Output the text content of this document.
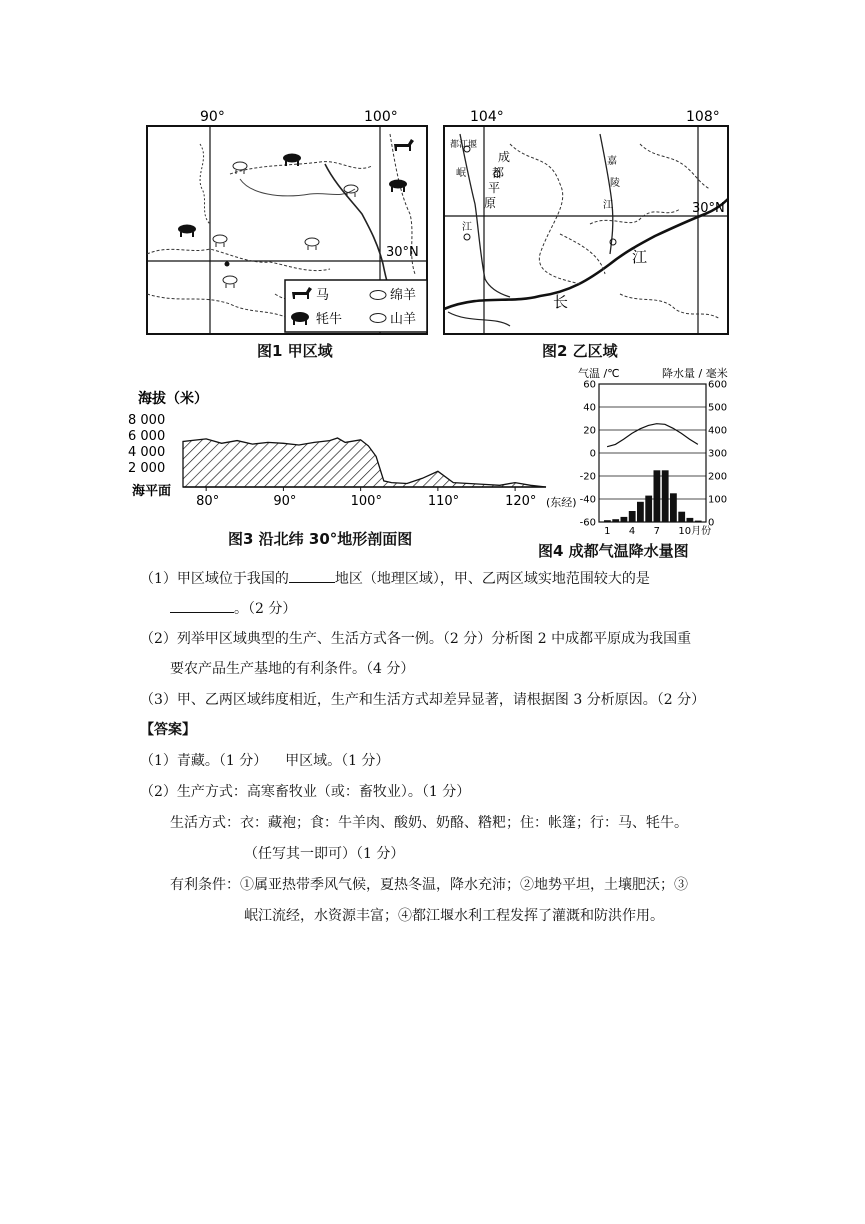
90°	100°
30°N
马
牦牛
绵羊
山羊
图1 甲区域
104°	108°
30°N
都江堰
岷
成
都
平
原
嘉
陵
江
江
江
长
图2 乙区域
海拔（米）
8 000
6 000
4 000
2 000
海平面
80°	90°	100°	110°	120° (东经)
图3 沿北纬 30°地形剖面图
气温 /℃	降水量 / 毫米
60
40
20
0
-20
-40
-60
600
500
400
300
200
100
0
1 4 7 10月份
图4 成都气温降水量图
（1）甲区域位于我国的	地区（地理区域），甲、乙两区域实地范围较大的是
。（2 分）
（2）列举甲区域典型的生产、生活方式各一例。（2 分）分析图 2 中成都平原成为我国重
要农产品生产基地的有利条件。（4 分）
（3）甲、乙两区域纬度相近，生产和生活方式却差异显著，请根据图 3 分析原因。（2 分）
【答案】
（1）青藏。（1 分）    甲区域。（1 分）
（2）生产方式：高寒畜牧业（或：畜牧业）。（1 分）
生活方式：衣：藏袍；食：牛羊肉、酸奶、奶酪、糌粑；住：帐篷；行：马、牦牛。
（任写其一即可）（1 分）
有利条件：①属亚热带季风气候，夏热冬温，降水充沛；②地势平坦，土壤肥沃；③
岷江流经，水资源丰富；④都江堰水利工程发挥了灌溉和防洪作用。
